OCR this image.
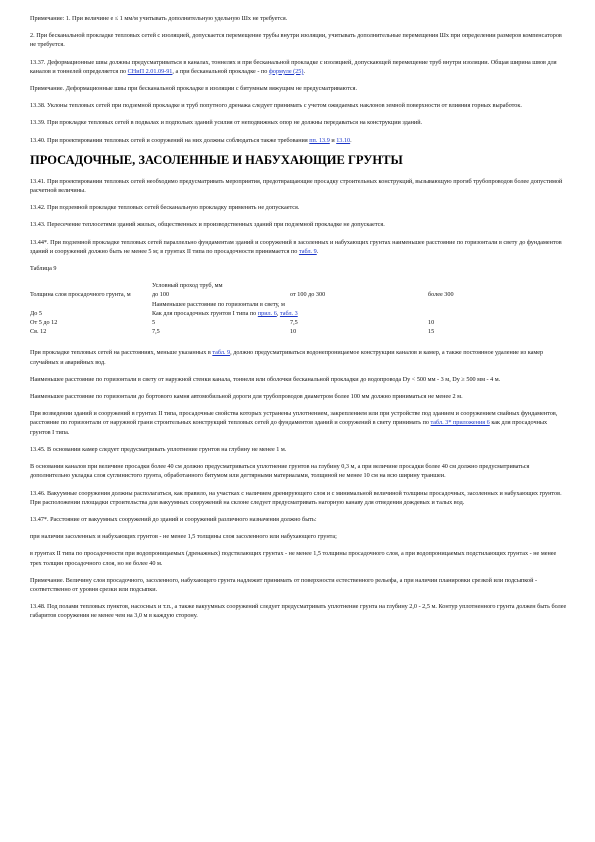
Примечание: 1. При величине e ≤ 1 мм/м учитывать дополнительную удельную Шх не требуется.

2. При бесканальной прокладке тепловых сетей с изоляцией, допускается перемещение трубы внутри изоляции, учитывать дополнительные перемещения Шх при определении размеров компенсаторов не требуется.

13.37. Деформационные швы должны предусматриваться в каналах, тоннелях и при бесканальной прокладке с изоляцией, допускающей перемещение труб внутри изоляции. Общая ширина швов для каналов и тоннелей определяется по СНиП 2.01.09-91, а при бесканальной прокладке - по формуле (25).

Примечание. Деформационные швы при бесканальной прокладке в изоляции с битумным вяжущим не предусматриваются.

13.38. Уклоны тепловых сетей при подземной прокладке и труб попутного дренажа следует принимать с учетом ожидаемых наклонов земной поверхности от влияния горных выработок.

13.39. При прокладке тепловых сетей в подвалах и подпольях зданий усилия от неподвижных опор не должны передаваться на конструкции зданий.

13.40. При проектировании тепловых сетей и сооружений на них должны соблюдаться также требования пп. 13.9 и 13.10.

ПРОСАДОЧНЫЕ, ЗАСОЛЕННЫЕ И НАБУХАЮЩИЕ ГРУНТЫ

13.41. При проектировании тепловых сетей необходимо предусматривать мероприятия, предотвращающие просадку строительных конструкций, вызывающую прогиб трубопроводов более допустимой расчетной величины.

13.42. При подземной прокладке тепловых сетей бесканальную прокладку применять не допускается.

13.43. Пересечение теплосетями зданий жилых, общественных и производственных зданий при подземной прокладке не допускается.

13.44*. При подземной прокладке тепловых сетей параллельно фундаментам зданий и сооружений в засоленных и набухающих грунтах наименьшее расстояние по горизонтали в свету до фундаментов зданий и сооружений должно быть не менее 5 м; в грунтах II типа по просадочности принимается по табл. 9.

Таблица 9
Толщина слоя просадочного грунта, м	Условный проход труб, мм		
	до 100	от 100 до 300	более 300
	Наименьшее расстояние по горизонтали в свету, м		
До 5	Как для просадочных грунтов I типа по прил. 6, табл. 3		
От 5 до 12	5	7,5	10
Св. 12	7,5	10	15

При прокладке тепловых сетей на расстояниях, меньше указанных в табл. 9, должно предусматриваться водонепроницаемое конструкции каналов и камер, а также постоянное удаление из камер случайных и аварийных вод.

Наименьшее расстояние по горизонтали в свету от наружной стенки канала, тоннеля или оболочки бесканальной прокладки до водопровода Dу < 500 мм - 3 м, Dу ≥ 500 мм - 4 м.

Наименьшее расстояние по горизонтали до бортового камня автомобильной дороги для трубопроводов диаметром более 100 мм должно приниматься не менее 2 м.

При возведении зданий и сооружений в грунтах II типа, просадочные свойства которых устранены уплотнением, закреплением или при устройстве под зданием и сооружением свайных фундаментов, расстояние по горизонтали от наружной грани строительных конструкций тепловых сетей до фундаментов зданий и сооружений в свету принимать по табл. 3* приложения 6 как для просадочных грунтов I типа.

13.45. В основании камер следует предусматривать уплотнение грунтов на глубину не менее 1 м.

В основании каналов при величине просадки более 40 см должно предусматриваться уплотнение грунтов на глубину 0,3 м, а при величине просадки более 40 см должно предусматриваться дополнительно укладка слоя суглинистого грунта, обработанного битумом или дегтярными материалами, толщиной не менее 10 см на всю ширину траншеи.

13.46. Вакуумные сооружения должны располагаться, как правило, на участках с наличием дренирующего слоя и с минимальной величиной толщины просадочных, засоленных и набухающих грунтов. При расположении площадки строительства для вакуумных сооружений на склоне следует предусматривать нагорную канаву для отведения дождевых и талых вод.

13.47*. Расстояние от вакуумных сооружений до зданий и сооружений различного назначения должно быть:

при наличии засоленных и набухающих грунтов - не менее 1,5 толщины слоя засоленного или набухающего грунта;

в грунтах II типа по просадочности при водопроницаемых (дренажных) подстилающих грунтах - не менее 1,5 толщины просадочного слоя, а при водопроницаемых подстилающих грунтах - не менее трех толщин просадочного слоя, но не более 40 м.

Примечание. Величину слоя просадочного, засоленного, набухающего грунта надлежит принимать от поверхности естественного рельефа, а при наличии планировки срезкой или подсыпкой - соответственно от уровня срезки или подсыпки.

13.48. Под полами тепловых пунктов, насосных и т.п., а также вакуумных сооружений следует предусматривать уплотнение грунта на глубину 2,0 - 2,5 м. Контур уплотненного грунта должен быть более габаритов сооружения не менее чем на 3,0 м в каждую сторону.
